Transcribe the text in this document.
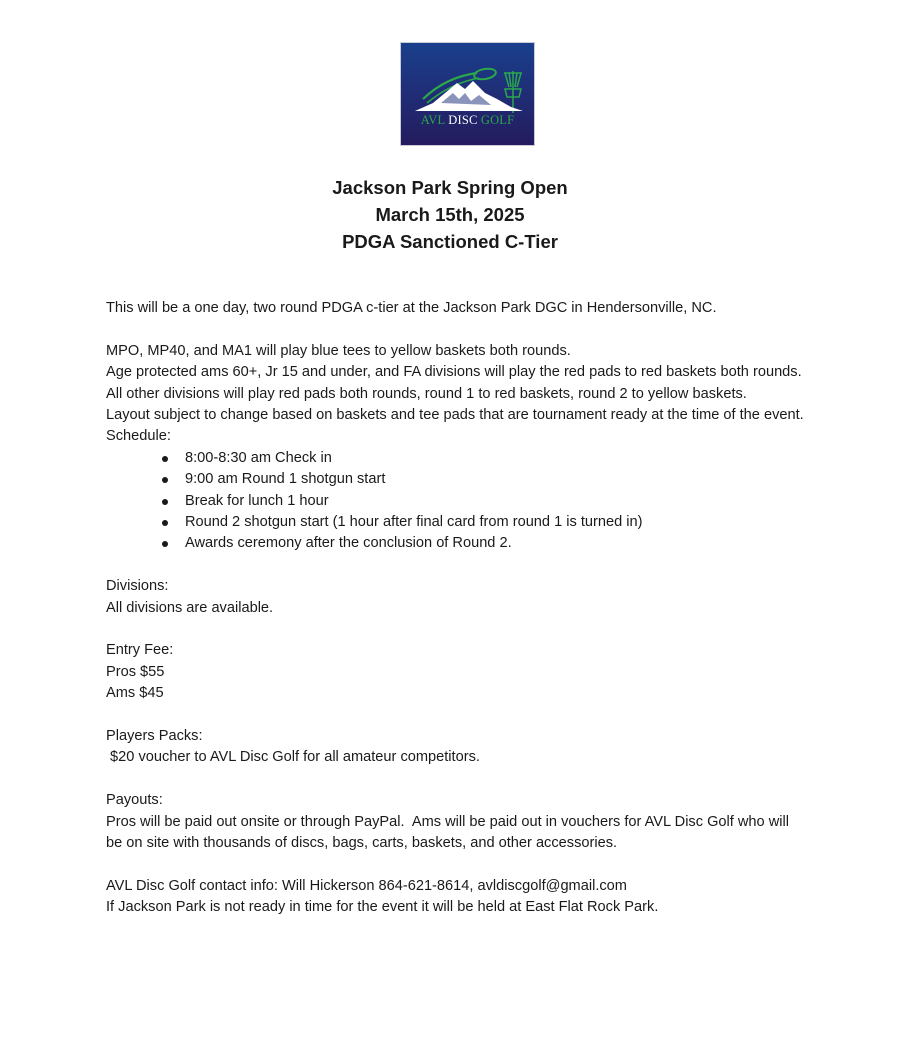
AVL DISC GOLF
Jackson Park Spring Open
March 15th, 2025
PDGA Sanctioned C-Tier

This will be a one day, two round PDGA c-tier at the Jackson Park DGC in Hendersonville, NC.

MPO, MP40, and MA1 will play blue tees to yellow baskets both rounds.

Age protected ams 60+, Jr 15 and under, and FA divisions will play the red pads to red baskets both rounds.

All other divisions will play red pads both rounds, round 1 to red baskets, round 2 to yellow baskets.

Layout subject to change based on baskets and tee pads that are tournament ready at the time of the event.

Schedule:

8:00-8:30 am Check in
9:00 am Round 1 shotgun start
Break for lunch 1 hour
Round 2 shotgun start (1 hour after final card from round 1 is turned in)
Awards ceremony after the conclusion of Round 2.

Divisions:

All divisions are available.

Entry Fee:

Pros $55

Ams $45

Players Packs:

$20 voucher to AVL Disc Golf for all amateur competitors.

Payouts:

Pros will be paid out onsite or through PayPal.  Ams will be paid out in vouchers for AVL Disc Golf who will be on site with thousands of discs, bags, carts, baskets, and other accessories.

AVL Disc Golf contact info: Will Hickerson 864-621-8614, avldiscgolf@gmail.com

If Jackson Park is not ready in time for the event it will be held at East Flat Rock Park.
